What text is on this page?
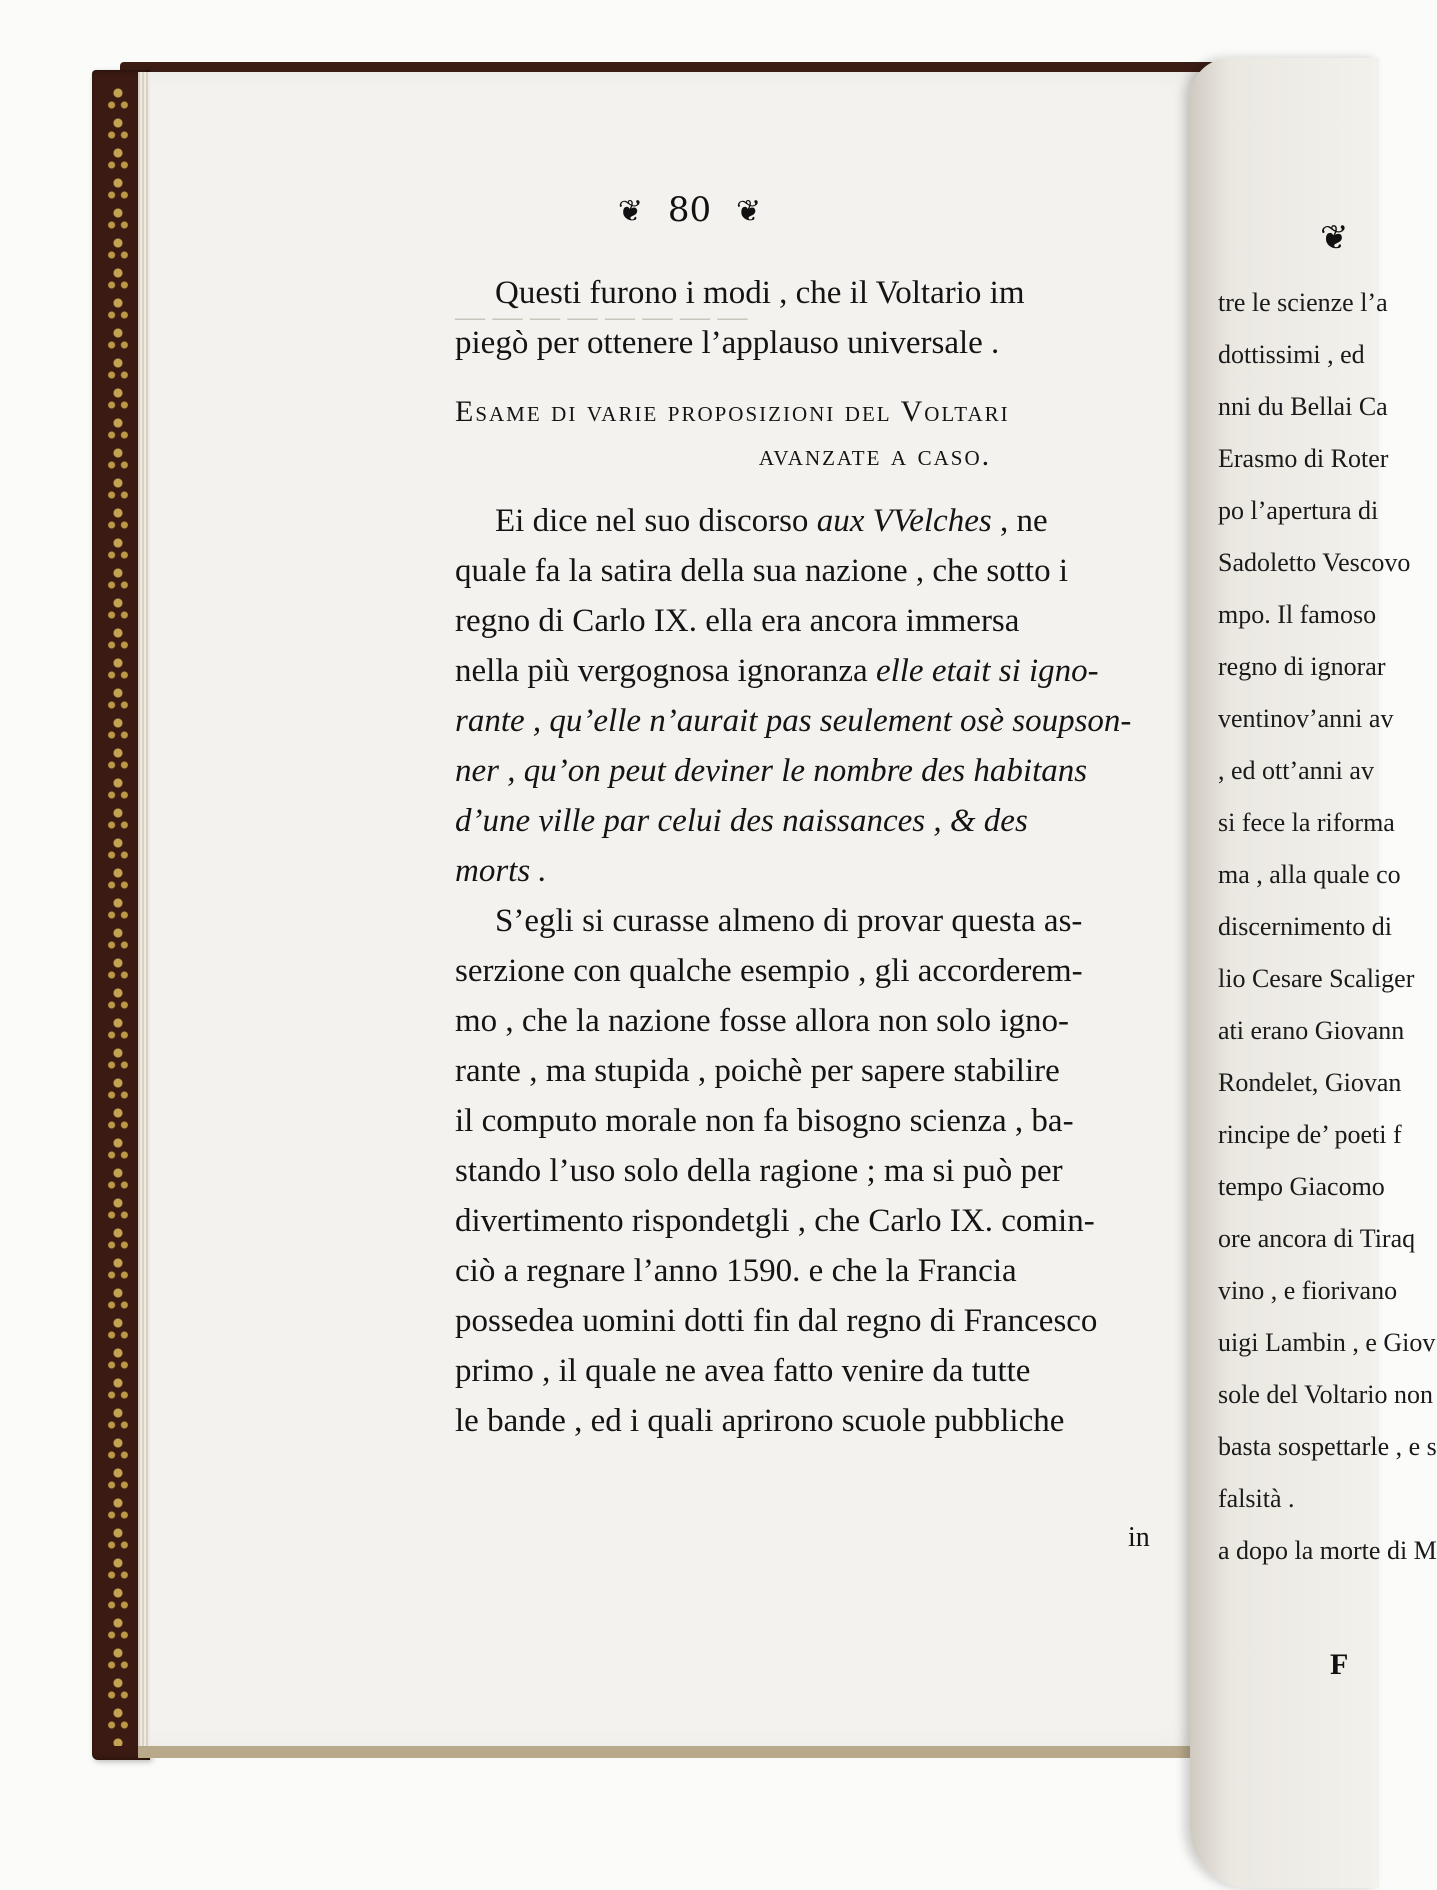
— — — — — — — —
❦ 80 ❦
Questi furono i modi , che il Voltario im
piegò per ottenere l’applauso universale .
Esame di varie proposizioni del Voltari
avanzate a caso.
Ei dice nel suo discorso aux VVelches , ne
quale fa la satira della sua nazione , che sotto i
regno di Carlo IX. ella era ancora immersa
nella più vergognosa ignoranza elle etait si igno-
rante , qu’elle n’aurait pas seulement osè soupson-
ner , qu’on peut deviner le nombre des habitans
d’une ville par celui des naissances , & des
morts .
S’egli si curasse almeno di provar questa as-
serzione con qualche esempio , gli accorderem-
mo , che la nazione fosse allora non solo igno-
rante , ma stupida , poichè per sapere stabilire
il computo morale non fa bisogno scienza , ba-
stando l’uso solo della ragione ; ma si può per
divertimento rispondetgli , che Carlo IX. comin-
ciò a regnare l’anno 1590. e che la Francia
possedea uomini dotti fin dal regno di Francesco
primo , il quale ne avea fatto venire da tutte
le bande , ed i quali aprirono scuole pubbliche
in
❦
tre le scienze l’a
dottissimi , ed
nni du Bellai Ca
Erasmo di Roter
po l’apertura di
Sadoletto Vescovo
mpo. Il famoso
regno di ignorar
ventinov’anni av
, ed ott’anni av
si fece la riforma
ma , alla quale co
discernimento di
lio Cesare Scaliger
ati erano Giovann
Rondelet, Giovan
rincipe de’ poeti f
tempo Giacomo
ore ancora di Tiraq
vino , e fiorivano
uigi Lambin , e Giov
sole del Voltario non
basta sospettarle , e s
falsità .
a dopo la morte di M
F
